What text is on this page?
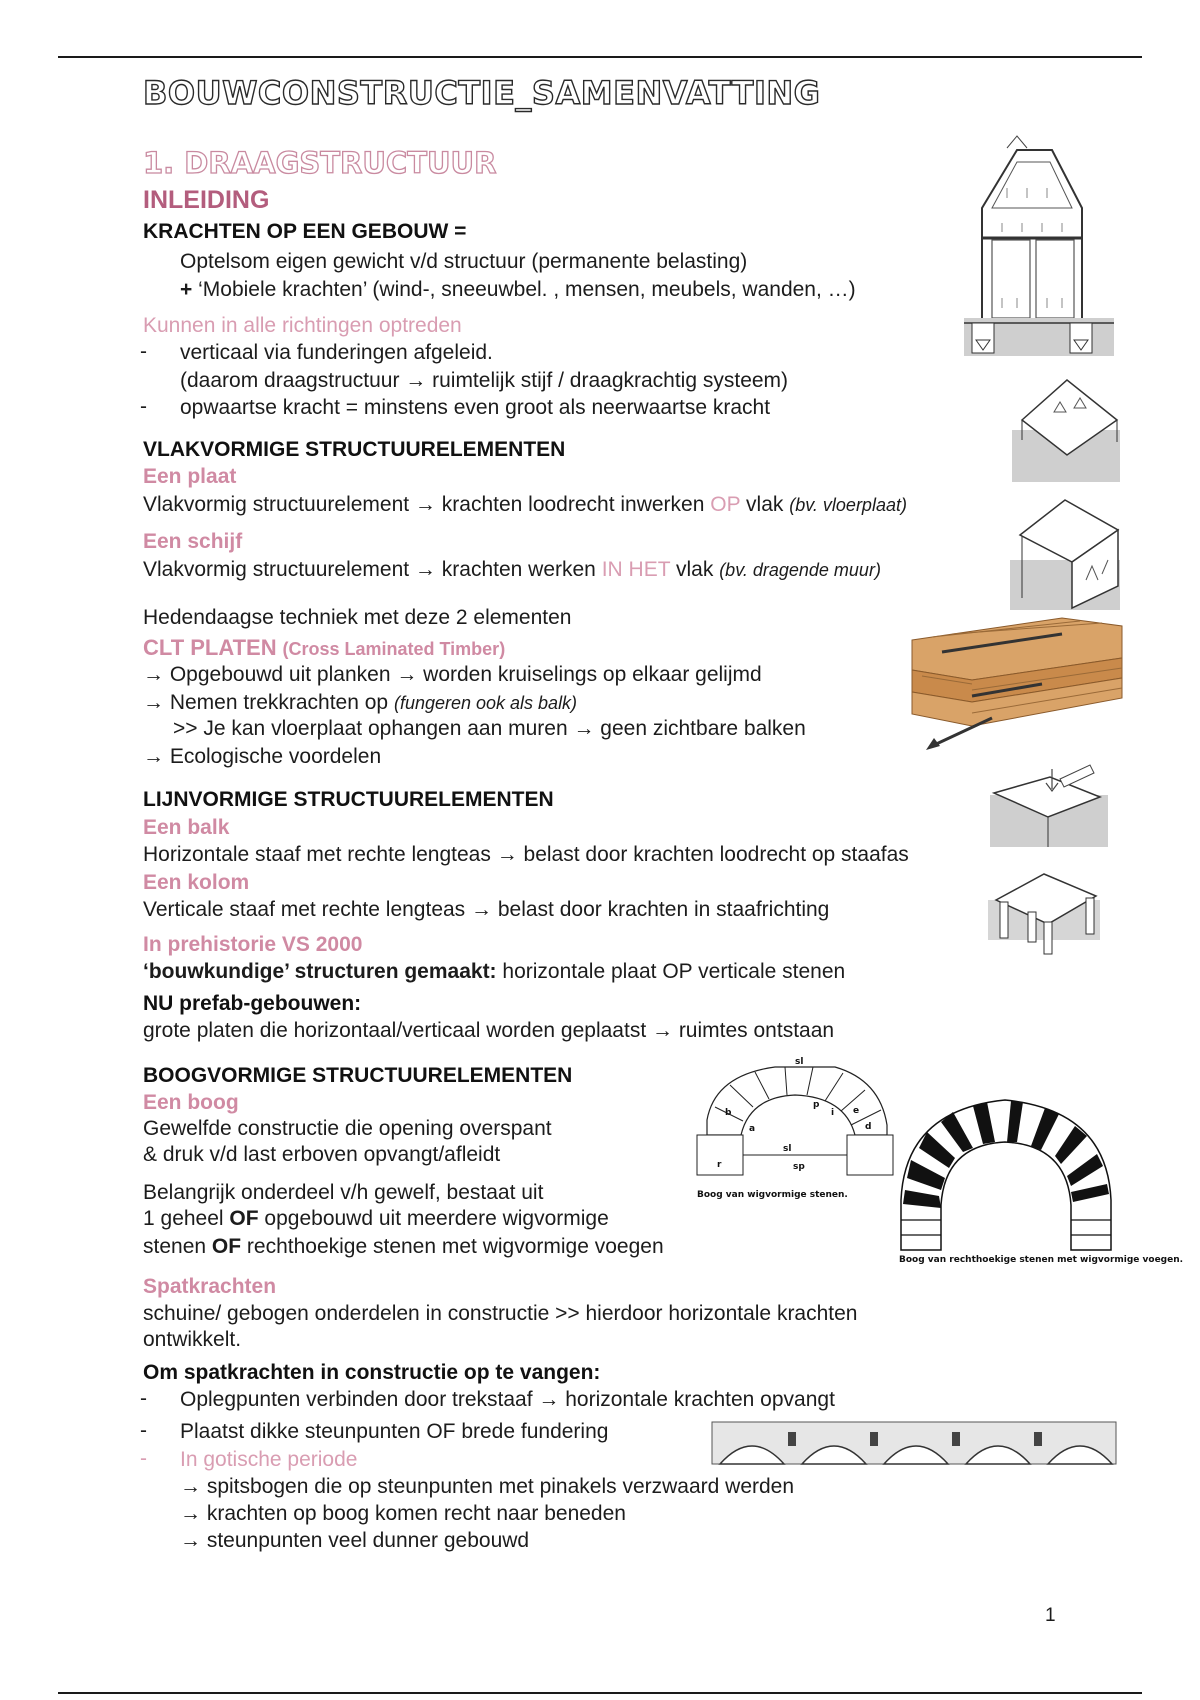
BOUWCONSTRUCTIE_SAMENVATTING
1. DRAAGSTRUCTUUR
INLEIDING
KRACHTEN OP EEN GEBOUW =
Optelsom eigen gewicht v/d structuur (permanente belasting)
+ ‘Mobiele krachten’ (wind-, sneeuwbel. , mensen, meubels, wanden, …)
Kunnen in alle richtingen optreden
- verticaal via funderingen afgeleid.
(daarom draagstructuur → ruimtelijk stijf / draagkrachtig systeem)
- opwaartse kracht = minstens even groot als neerwaartse kracht
VLAKVORMIGE STRUCTUURELEMENTEN
Een plaat
Vlakvormig structuurelement → krachten loodrecht inwerken OP vlak (bv. vloerplaat)
Een schijf
Vlakvormig structuurelement → krachten werken IN HET vlak (bv. dragende muur)
Hedendaagse techniek met deze 2 elementen
CLT PLATEN (Cross Laminated Timber)
→ Opgebouwd uit planken → worden kruiselings op elkaar gelijmd
→ Nemen trekkrachten op (fungeren ook als balk)
>> Je kan vloerplaat ophangen aan muren → geen zichtbare balken
→ Ecologische voordelen
LIJNVORMIGE STRUCTUURELEMENTEN
Een balk
Horizontale staaf met rechte lengteas → belast door krachten loodrecht op staafas
Een kolom
Verticale staaf met rechte lengteas → belast door krachten in staafrichting
In prehistorie VS 2000
‘bouwkundige’ structuren gemaakt: horizontale plaat OP verticale stenen
NU prefab-gebouwen:
grote platen die horizontaal/verticaal worden geplaatst → ruimtes ontstaan
BOOGVORMIGE STRUCTUURELEMENTEN
Een boog
Gewelfde constructie die opening overspant
& druk v/d last erboven opvangt/afleidt
Belangrijk onderdeel v/h gewelf, bestaat uit
1 geheel OF opgebouwd uit meerdere wigvormige
stenen OF rechthoekige stenen met wigvormige voegen
Spatkrachten
schuine/ gebogen onderdelen in constructie >> hierdoor horizontale krachten
ontwikkelt.
Om spatkrachten in constructie op te vangen:
- Oplegpunten verbinden door trekstaaf → horizontale krachten opvangt
- Plaatst dikke steunpunten OF brede fundering
- In gotische periode
→ spitsbogen die op steunpunten met pinakels verzwaard werden
→ krachten op boog komen recht naar beneden
→ steunpunten veel dunner gebouwd
1
sl
b
a	d
e
p
i
sl
r	sp
Boog van wigvormige stenen.
Boog van rechthoekige stenen met wigvormige voegen.
